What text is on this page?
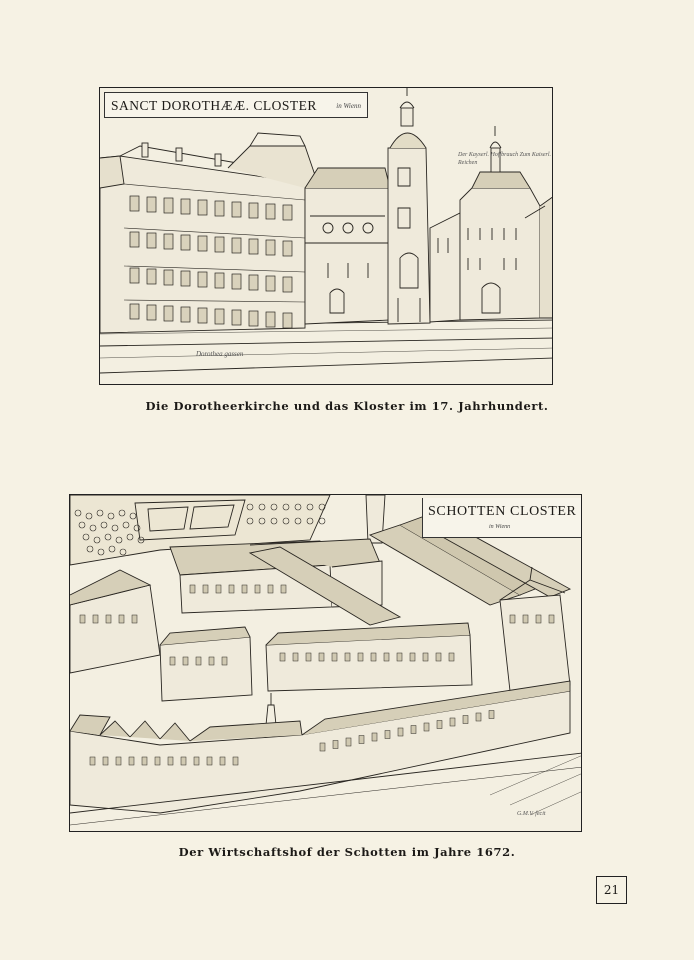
SANCT DOROTHÆÆ. CLOSTER	in Wienn
Der Kayserl. Hoffbrauch Zum Kaiserl. Reichen
Dorothea gassen
Die Dorotheerkirche und das Kloster im 17. Jahrhundert.
SCHOTTEN CLOSTER
in Wienn
G.M.V. fecit
Der Wirtschaftshof der Schotten im Jahre 1672.
21
